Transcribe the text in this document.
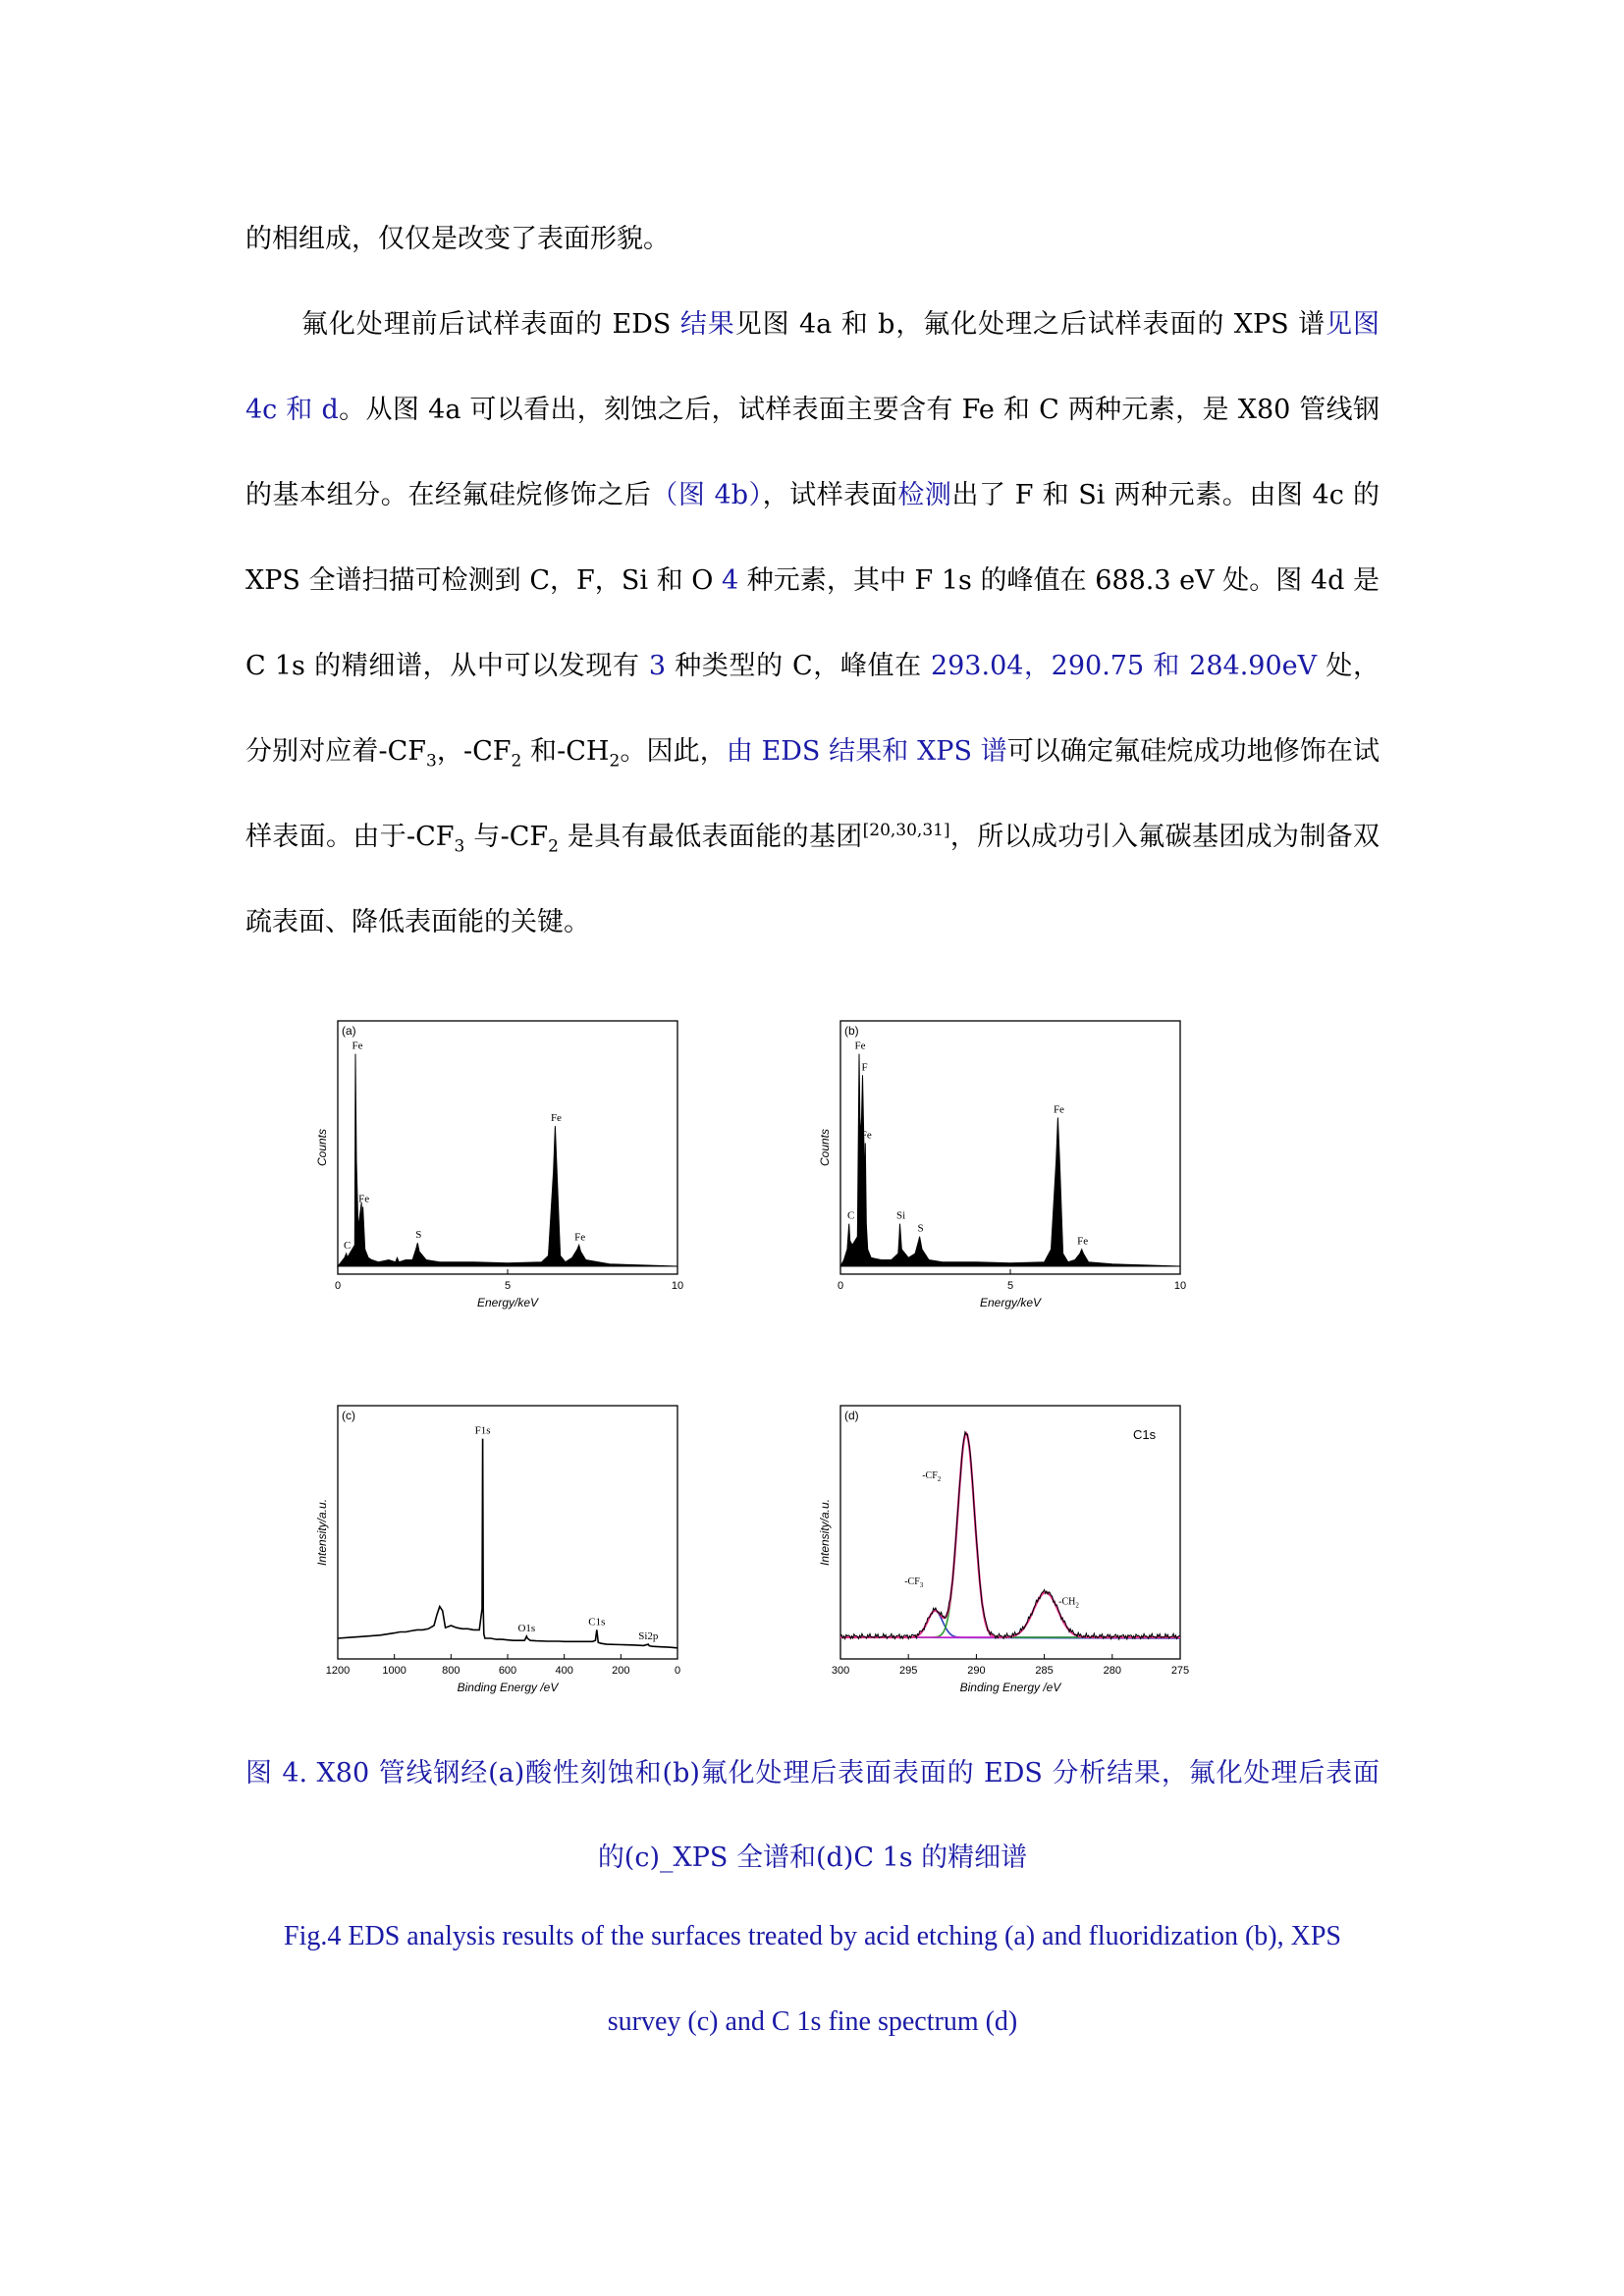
的相组成，仅仅是改变了表面形貌。

氟化处理前后试样表面的 EDS 结果见图 4a 和 b，氟化处理之后试样表面的 XPS 谱见图 4c 和 d。从图 4a 可以看出，刻蚀之后，试样表面主要含有 Fe 和 C 两种元素，是 X80 管线钢的基本组分。在经氟硅烷修饰之后（图 4b），试样表面检测出了 F 和 Si 两种元素。由图 4c 的 XPS 全谱扫描可检测到 C，F，Si 和 O 4 种元素，其中 F 1s 的峰值在 688.3 eV 处。图 4d 是 C 1s 的精细谱，从中可以发现有 3 种类型的 C，峰值在 293.04，290.75 和 284.90eV 处，分别对应着$-CF_3$，$-CF_2$ 和$-CH_2$。因此，由 EDS 结果和 XPS 谱可以确定氟硅烷成功地修饰在试样表面。由于$-CF_3$ 与$-CF_2$ 是具有最低表面能的基团[20,30,31]，所以成功引入氟碳基团成为制备双疏表面、降低表面能的关键。

0	5	10
Energy/keV
Counts
(a)
Fe
Fe
C
S
Fe
Fe
0	5	10
Energy/keV
Counts
(b)
Fe
F
Fe
C	Si
S
Fe
Fe
1200	1000	800	600	400	200	0
Binding Energy /eV
Intensity/a.u.
(c)
F1s
O1s
C1s
Si2p
300	295	290	285	280	275
Binding Energy /eV
Intensity/a.u.
(d)
C1s
$-CF_2$
$-CF_3$
$-CH_2$
图 4. X80 管线钢经(a)酸性刻蚀和(b)氟化处理后表面表面的 EDS 分析结果，氟化处理后表面
的(c)_XPS 全谱和(d)C 1s 的精细谱
Fig.4 EDS analysis results of the surfaces treated by acid etching (a) and fluoridization (b), XPS
survey (c) and C 1s fine spectrum (d)
